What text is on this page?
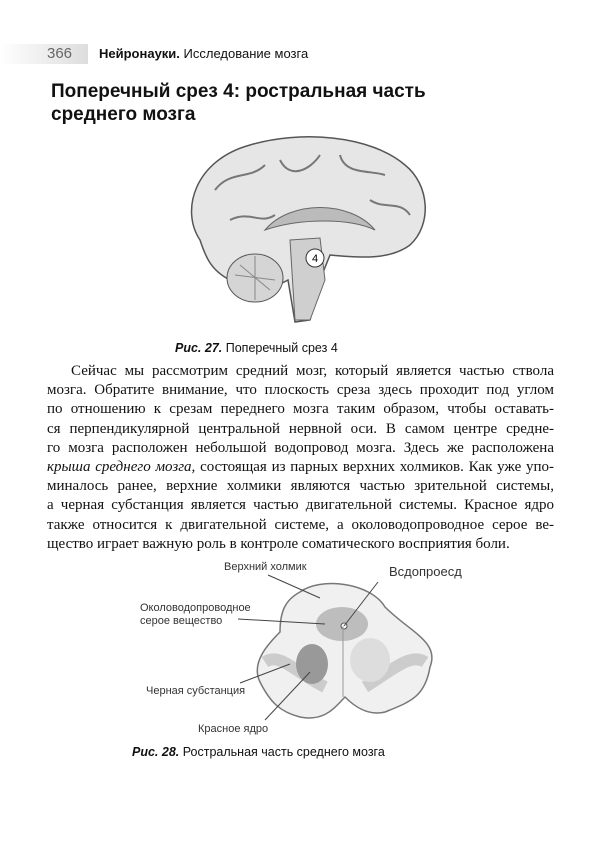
366 Нейронауки. Исследование мозга
Поперечный срез 4: ростральная часть среднего мозга
4
Рис. 27. Поперечный срез 4
Сейчас мы рассмотрим средний мозг, который является частью ствола
мозга. Обратите внимание, что плоскость среза здесь проходит под углом
по отношению к срезам переднего мозга таким образом, чтобы оставать-
ся перпендикулярной центральной нервной оси. В самом центре средне-
го мозга расположен небольшой водопровод мозга. Здесь же расположена
крыша среднего мозга, состоящая из парных верхних холмиков. Как уже упо-
миналось ранее, верхние холмики являются частью зрительной системы,
а черная субстанция является частью двигательной системы. Красное ядро
также относится к двигательной системе, а околоводопроводное серое ве-
щество играет важную роль в контроле соматического восприятия боли.
Верхний холмик	Всдопроесд
Околоводопроводное
серое вещество
Черная субстанция
Красное ядро
Рис. 28. Ростральная часть среднего мозга
